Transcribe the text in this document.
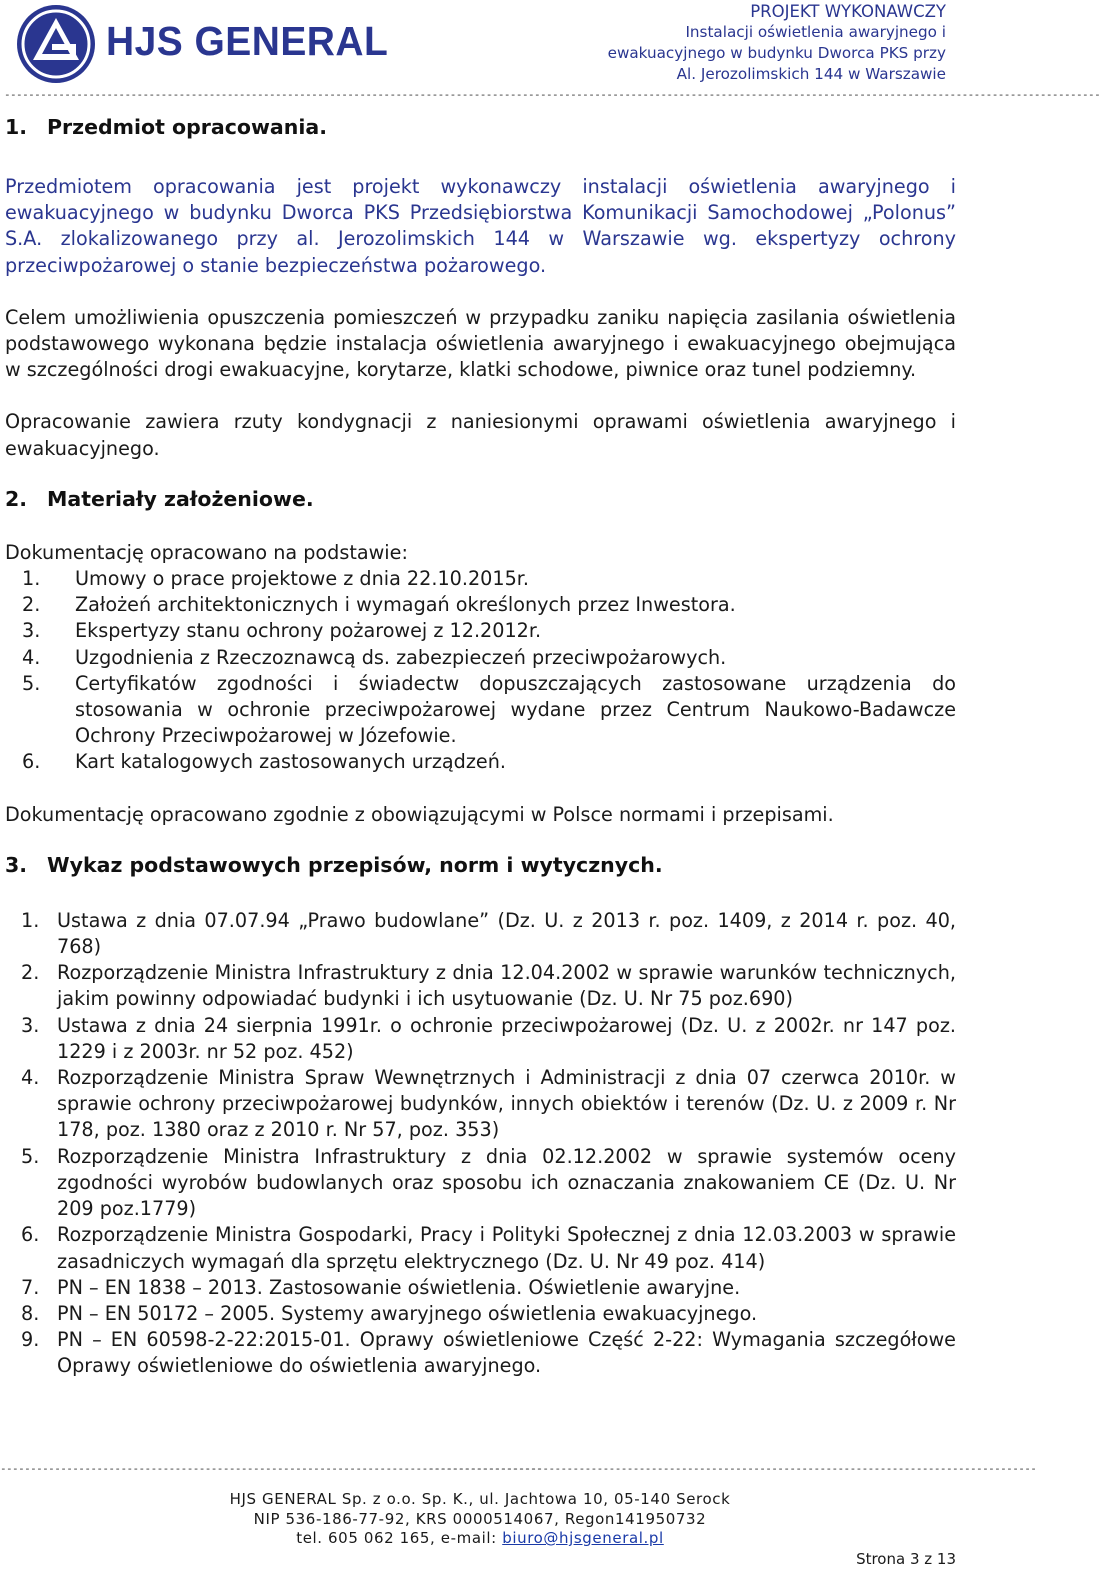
HJS GENERAL
PROJEKT WYKONAWCZY
Instalacji oświetlenia awaryjnego i
ewakuacyjnego w budynku Dworca PKS przy
Al. Jerozolimskich 144 w Warszawie
--------------------------------------------------------------------------------------------------------------------------------------------------------------------------------------
1. Przedmiot opracowania.

Przedmiotem opracowania jest projekt wykonawczy instalacji oświetlenia awaryjnego i ewakuacyjnego w budynku Dworca PKS Przedsiębiorstwa Komunikacji Samochodowej „Polonus” S.A. zlokalizowanego przy al. Jerozolimskich 144 w Warszawie wg. ekspertyzy ochrony przeciwpożarowej o stanie bezpieczeństwa pożarowego.

Celem umożliwienia opuszczenia pomieszczeń w przypadku zaniku napięcia zasilania oświetlenia podstawowego wykonana będzie instalacja oświetlenia awaryjnego i ewakuacyjnego obejmująca w szczególności drogi ewakuacyjne, korytarze, klatki schodowe, piwnice oraz tunel podziemny.

Opracowanie zawiera rzuty kondygnacji z naniesionymi oprawami oświetlenia awaryjnego i ewakuacyjnego.

2. Materiały założeniowe.

Dokumentację opracowano na podstawie:

1. Umowy o prace projektowe z dnia 22.10.2015r.
2. Założeń architektonicznych i wymagań określonych przez Inwestora.
3. Ekspertyzy stanu ochrony pożarowej z 12.2012r.
4. Uzgodnienia z Rzeczoznawcą ds. zabezpieczeń przeciwpożarowych.
5. Certyfikatów zgodności i świadectw dopuszczających zastosowane urządzenia do stosowania w ochronie przeciwpożarowej wydane przez Centrum Naukowo-Badawcze Ochrony Przeciwpożarowej w Józefowie.
6. Kart katalogowych zastosowanych urządzeń.

Dokumentację opracowano zgodnie z obowiązującymi w Polsce normami i przepisami.

3. Wykaz podstawowych przepisów, norm i wytycznych.
1. Ustawa z dnia 07.07.94 „Prawo budowlane” (Dz. U. z 2013 r. poz. 1409, z 2014 r. poz. 40, 768)
2. Rozporządzenie Ministra Infrastruktury z dnia 12.04.2002 w sprawie warunków technicznych, jakim powinny odpowiadać budynki i ich usytuowanie (Dz. U. Nr 75 poz.690)
3. Ustawa z dnia 24 sierpnia 1991r. o ochronie przeciwpożarowej (Dz. U. z 2002r. nr 147 poz. 1229 i z 2003r. nr 52 poz. 452)
4. Rozporządzenie Ministra Spraw Wewnętrznych i Administracji z dnia 07 czerwca 2010r. w sprawie ochrony przeciwpożarowej budynków, innych obiektów i terenów (Dz. U. z 2009 r. Nr 178, poz. 1380 oraz z 2010 r. Nr 57, poz. 353)
5. Rozporządzenie Ministra Infrastruktury z dnia 02.12.2002 w sprawie systemów oceny zgodności wyrobów budowlanych oraz sposobu ich oznaczania znakowaniem CE (Dz. U. Nr 209 poz.1779)
6. Rozporządzenie Ministra Gospodarki, Pracy i Polityki Społecznej z dnia 12.03.2003 w sprawie zasadniczych wymagań dla sprzętu elektrycznego (Dz. U. Nr 49 poz. 414)
7. PN – EN 1838 – 2013. Zastosowanie oświetlenia. Oświetlenie awaryjne.
8. PN – EN 50172 – 2005. Systemy awaryjnego oświetlenia ewakuacyjnego.
9. PN – EN 60598-2-22:2015-01. Oprawy oświetleniowe Część 2-22: Wymagania szczegółowe Oprawy oświetleniowe do oświetlenia awaryjnego.
------------------------------------------------------------------------------------------
-----------------------------------------------------------------------------------------------------
HJS GENERAL Sp. z o.o. Sp. K., ul. Jachtowa 10, 05-140 Serock
NIP 536-186-77-92, KRS 0000514067, Regon141950732
tel. 605 062 165, e-mail: biuro@hjsgeneral.pl
Strona 3 z 13
